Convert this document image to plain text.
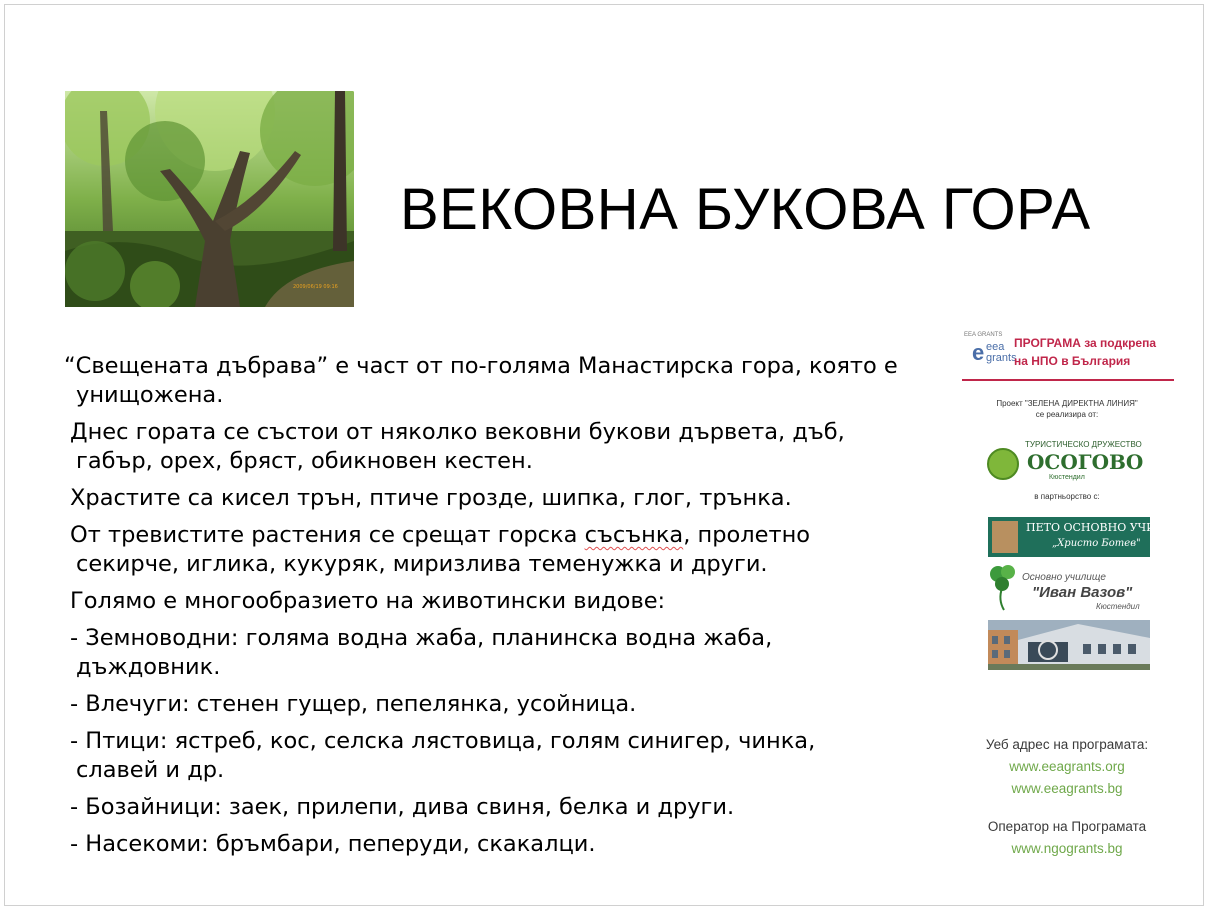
2009/06/19 09:16
ВЕКОВНА БУКОВА ГОРА

“Свещената дъбрава” е част от по-голяма Манастирска гора, която е
унищожена.

Днес гората се състои от няколко вековни букови дървета, дъб,
габър, орех, бряст, обикновен кестен.

Храстите са кисел трън, птиче грозде, шипка, глог, трънка.

От тревистите растения се срещат горска съсънка, пролетно
секирче, иглика, кукуряк, миризлива теменужка и други.

Голямо е многообразието на животински видове:

- Земноводни: голяма водна жаба, планинска водна жаба,
дъждовник.

- Влечуги: стенен гущер, пепелянка, усойница.

- Птици: ястреб, кос, селска лястовица, голям синигер, чинка,
славей и др.

- Бозайници: заек, прилепи, дива свиня, белка и други.

- Насекоми: бръмбари, пеперуди, скакалци.

EEA GRANTS
e eea
grants
ПРОГРАМА за подкрепа
на НПО в България
Проект "ЗЕЛЕНА ДИРЕКТНА ЛИНИЯ"
се реализира от:
ТУРИСТИЧЕСКО ДРУЖЕСТВО
ОСОГОВО
Кюстендил
в партньорство с:
ПЕТО ОСНОВНО УЧИЛИЩЕ
„Христо Ботев"
Основно училище
"Иван Вазов"
Кюстендил
Уеб адрес на програмата:
www.eeagrants.org
www.eeagrants.bg
Оператор на Програмата
www.ngogrants.bg
